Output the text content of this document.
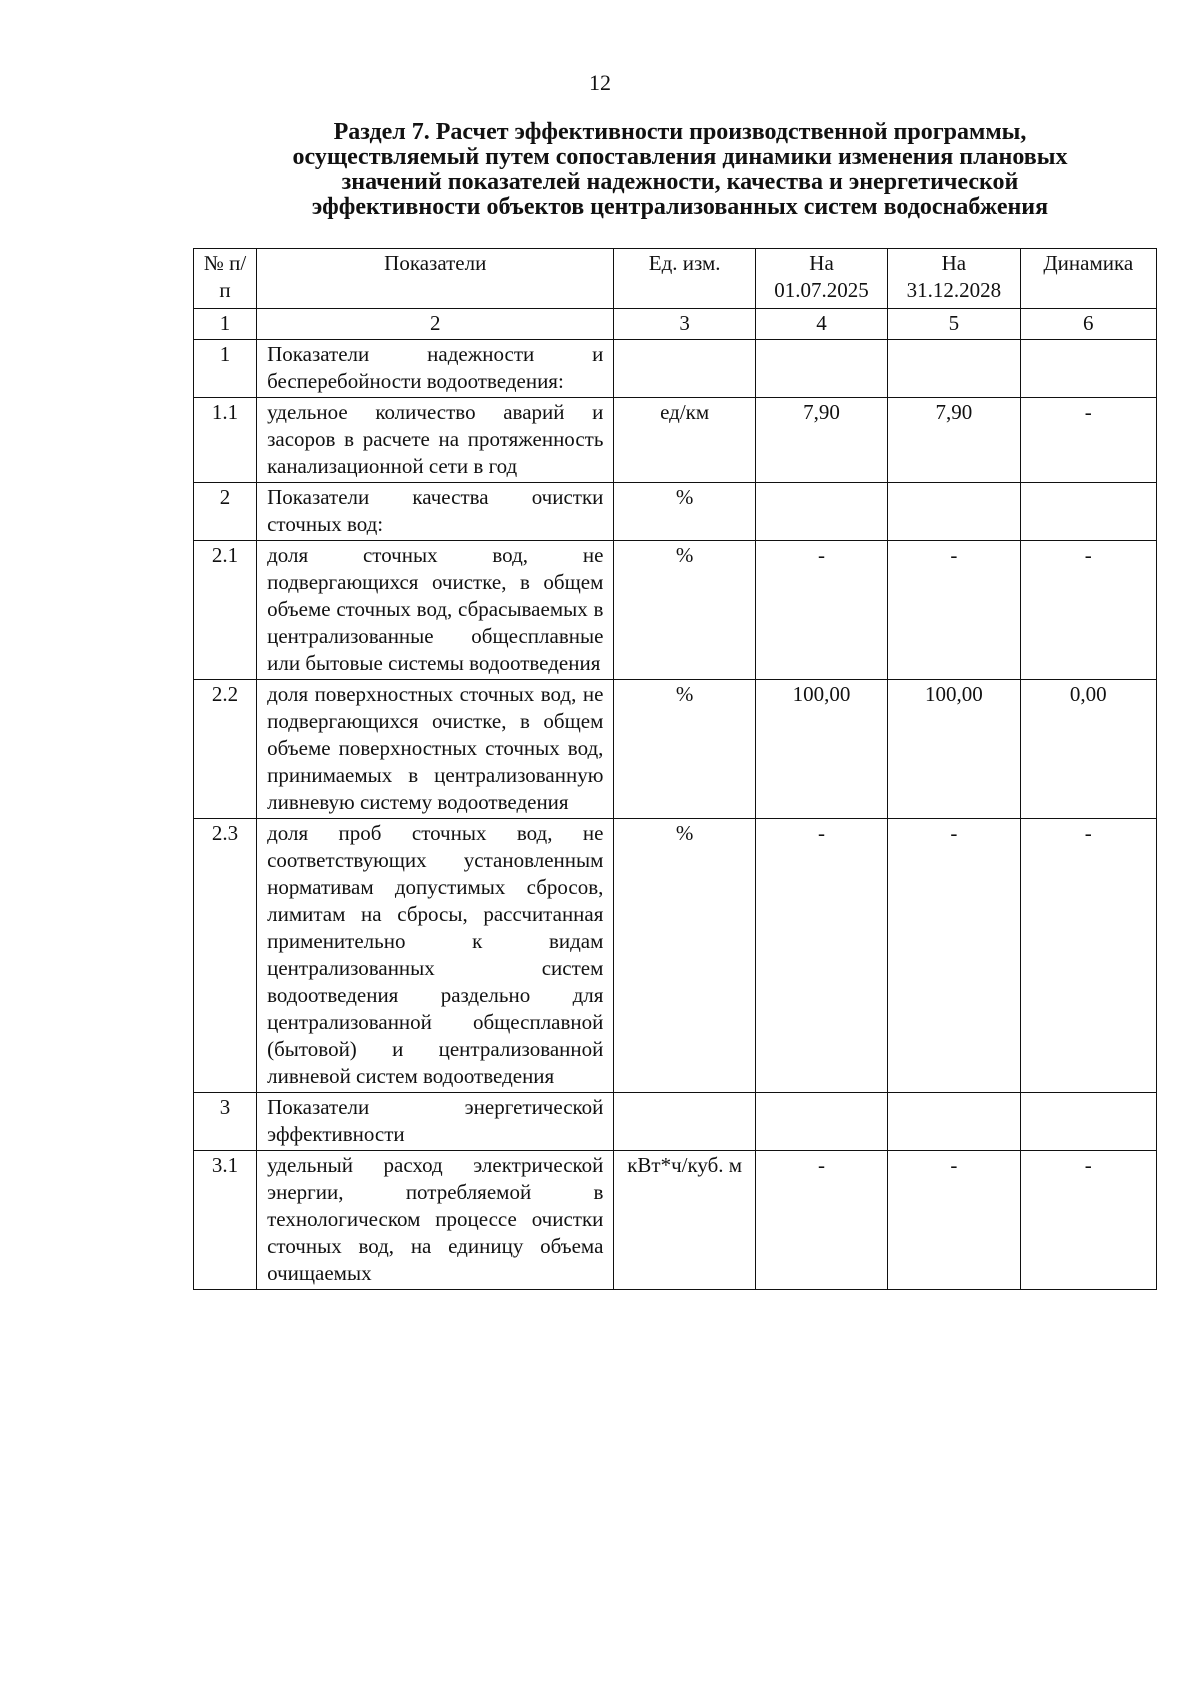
12
Раздел 7. Расчет эффективности производственной программы,
осуществляемый путем сопоставления динамики изменения плановых
значений показателей надежности, качества и энергетической
эффективности объектов централизованных систем водоснабжения
№ п/п	Показатели	Ед. изм.	На 01.07.2025	На 31.12.2028	Динамика
1	2	3	4	5	6
1	Показатели надежности и бесперебойности водоотведения:				
1.1	удельное количество аварий и засоров в расчете на протяженность канализационной сети в год	ед/км	7,90	7,90	-
2	Показатели качества очистки сточных вод:	%			
2.1	доля сточных вод, не подвергающихся очистке, в общем объеме сточных вод, сбрасываемых в централизованные общесплавные или бытовые системы водоотведения	%	-	-	-
2.2	доля поверхностных сточных вод, не подвергающихся очистке, в общем объеме поверхностных сточных вод, принимаемых в централизованную ливневую систему водоотведения	%	100,00	100,00	0,00
2.3	доля проб сточных вод, не соответствующих установленным нормативам допустимых сбросов, лимитам на сбросы, рассчитанная применительно к видам централизованных систем водоотведения раздельно для централизованной общесплавной (бытовой) и централизованной ливневой систем водоотведения	%	-	-	-
3	Показатели энергетической эффективности				
3.1	удельный расход электрической энергии, потребляемой в технологическом процессе очистки сточных вод, на единицу объема очищаемых	кВт*ч/куб. м	-	-	-
